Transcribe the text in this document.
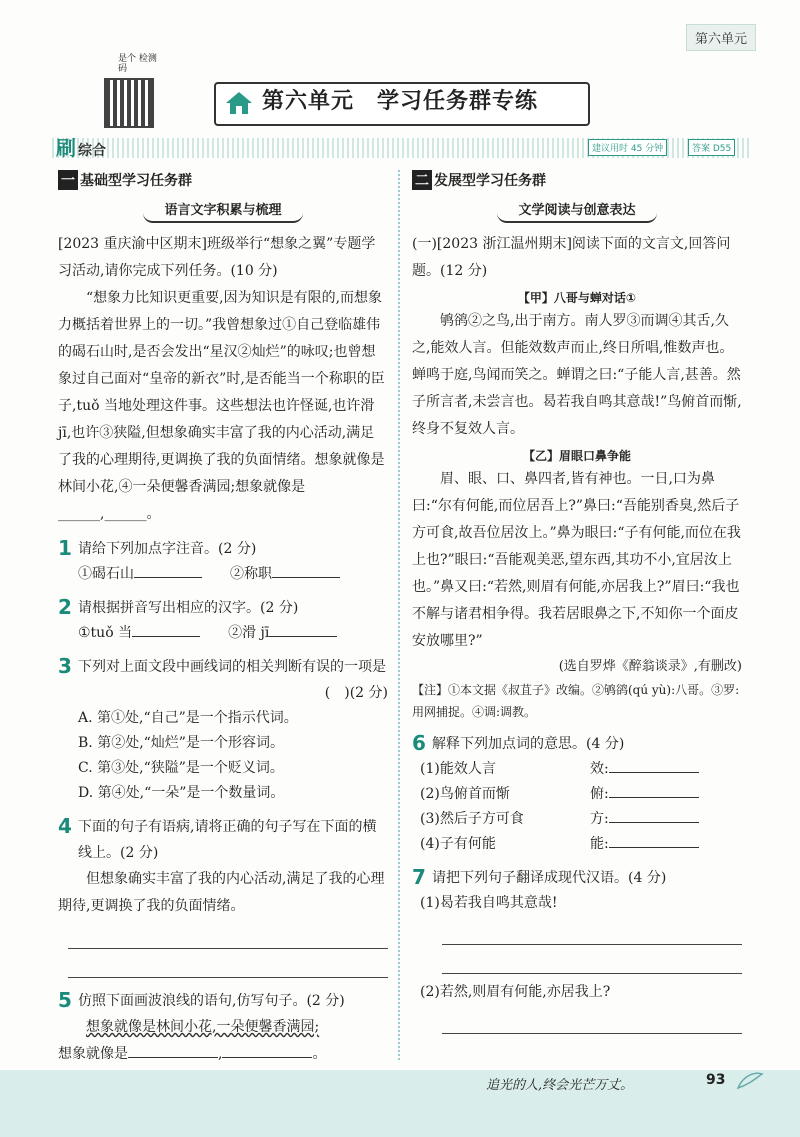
第六单元
是个 检测码
第六单元　学习任务群专练
刷 综合	建议用时 45 分钟	答案 D55
一 基础型学习任务群
语言文字积累与梳理

[2023 重庆渝中区期末]班级举行“想象之翼”专题学习活动,请你完成下列任务。(10 分)

“想象力比知识更重要,因为知识是有限的,而想象力概括着世界上的一切。”我曾想象过①自己登临雄伟的碣石山时,是否会发出“星汉②灿烂”的咏叹;也曾想象过自己面对“皇帝的新衣”时,是否能当一个称职的臣子,tuǒ 当地处理这件事。这些想法也许怪诞,也许滑 jī,也许③狭隘,但想象确实丰富了我的内心活动,满足了我的心理期待,更调换了我的负面情绪。想象就像是林间小花,④一朵便馨香满园;想象就像是______,______。

1 请给下列加点字注音。(2 分)
①碣石山　　	②称职
2 请根据拼音写出相应的汉字。(2 分)
①tuǒ 当　　	②滑 jī
3 下列对上面文段中画线词的相关判断有误的一项是
(　)(2 分)
A. 第①处,“自己”是一个指示代词。
B. 第②处,“灿烂”是一个形容词。
C. 第③处,“狭隘”是一个贬义词。
D. 第④处,“一朵”是一个数量词。
4 下面的句子有语病,请将正确的句子写在下面的横线上。(2 分)

但想象确实丰富了我的内心活动,满足了我的心理期待,更调换了我的负面情绪。

5 仿照下面画波浪线的语句,仿写句子。(2 分)

想象就像是林间小花,一朵便馨香满园;

想象就像是	,	。

二 发展型学习任务群
文学阅读与创意表达

(一)[2023 浙江温州期末]阅读下面的文言文,回答问题。(12 分)

【甲】八哥与蝉对话①

鸲鹆②之鸟,出于南方。南人罗③而调④其舌,久之,能效人言。但能效数声而止,终日所唱,惟数声也。蝉鸣于庭,鸟闻而笑之。蝉谓之曰:“子能人言,甚善。然子所言者,未尝言也。曷若我自鸣其意哉!”鸟俯首而惭,终身不复效人言。

【乙】眉眼口鼻争能

眉、眼、口、鼻四者,皆有神也。一日,口为鼻曰:“尔有何能,而位居吾上?”鼻曰:“吾能别香臭,然后子方可食,故吾位居汝上。”鼻为眼曰:“子有何能,而位在我上也?”眼曰:“吾能观美恶,望东西,其功不小,宜居汝上也。”鼻又曰:“若然,则眉有何能,亦居我上?”眉曰:“我也不解与诸君相争得。我若居眼鼻之下,不知你一个面皮安放哪里?”

(选自罗烨《醉翁谈录》,有删改)
【注】①本文据《叔苴子》改编。②鸲鹆(qú yù):八哥。③罗:用网捕捉。④调:调教。
6 解释下列加点词的意思。(4 分)
(1)能效人言	效:
(2)鸟俯首而惭	俯:
(3)然后子方可食	方:
(4)子有何能	能:
7 请把下列句子翻译成现代汉语。(4 分)
(1)曷若我自鸣其意哉!
(2)若然,则眉有何能,亦居我上?
追光的人,终会光芒万丈。	93
